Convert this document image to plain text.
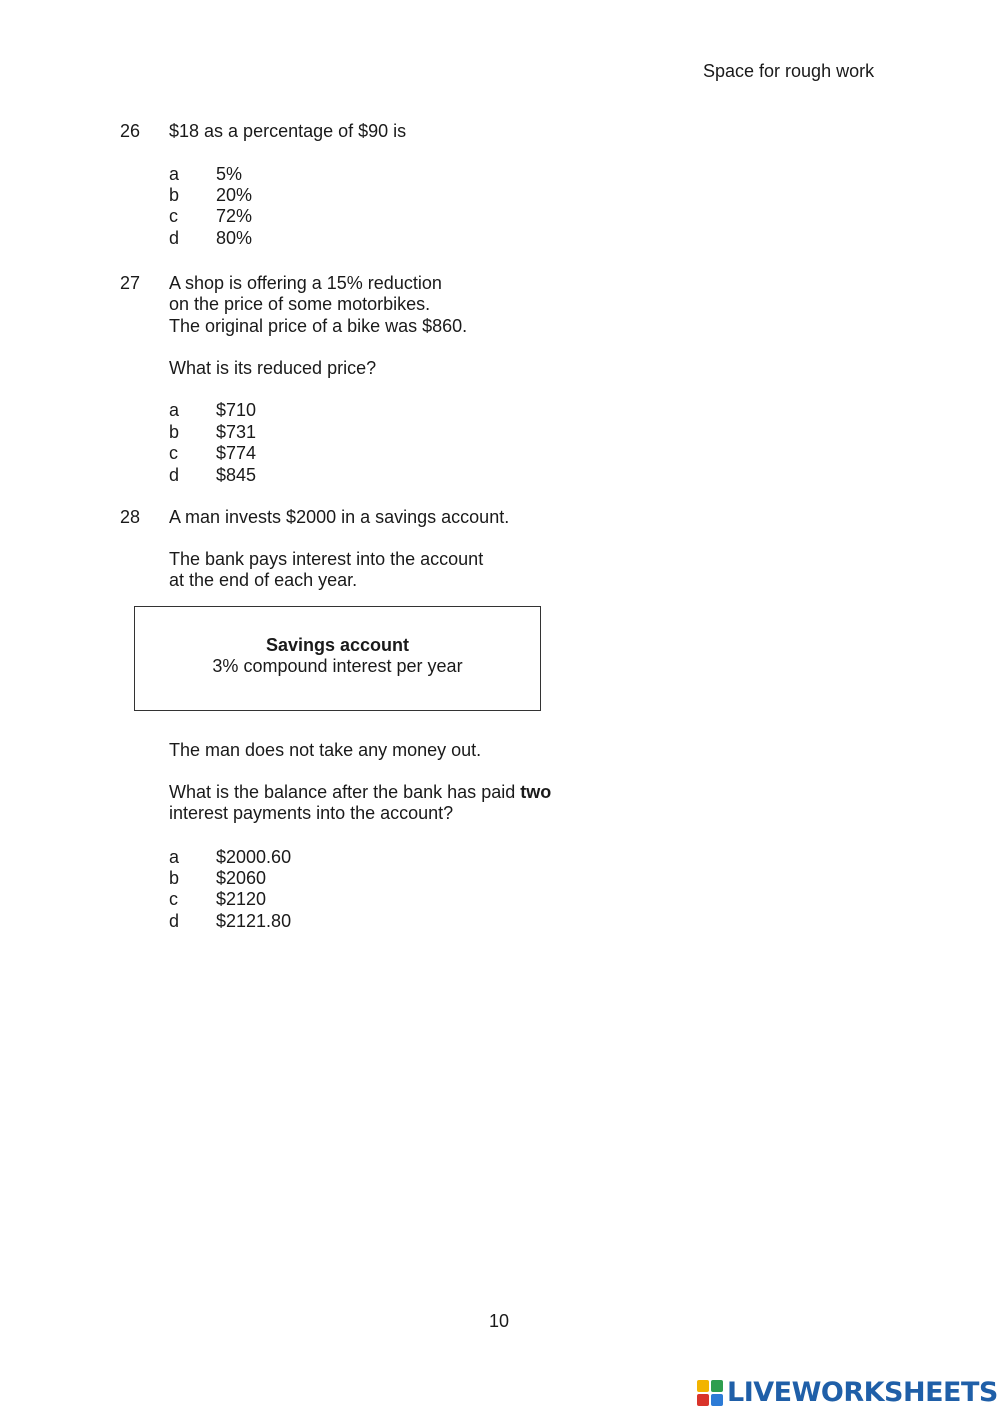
Space for rough work
26 $18 as a percentage of $90 is
a 5%
b 20%
c 72%
d 80%
27 A shop is offering a 15% reduction
on the price of some motorbikes.
The original price of a bike was $860.
What is its reduced price?
a $710
b $731
c $774
d $845
28 A man invests $2000 in a savings account.
The bank pays interest into the account
at the end of each year.
Savings account
3% compound interest per year
The man does not take any money out.
What is the balance after the bank has paid two
interest payments into the account?
a $2000.60
b $2060
c $2120
d $2121.80
10
LIVEWORKSHEETS
